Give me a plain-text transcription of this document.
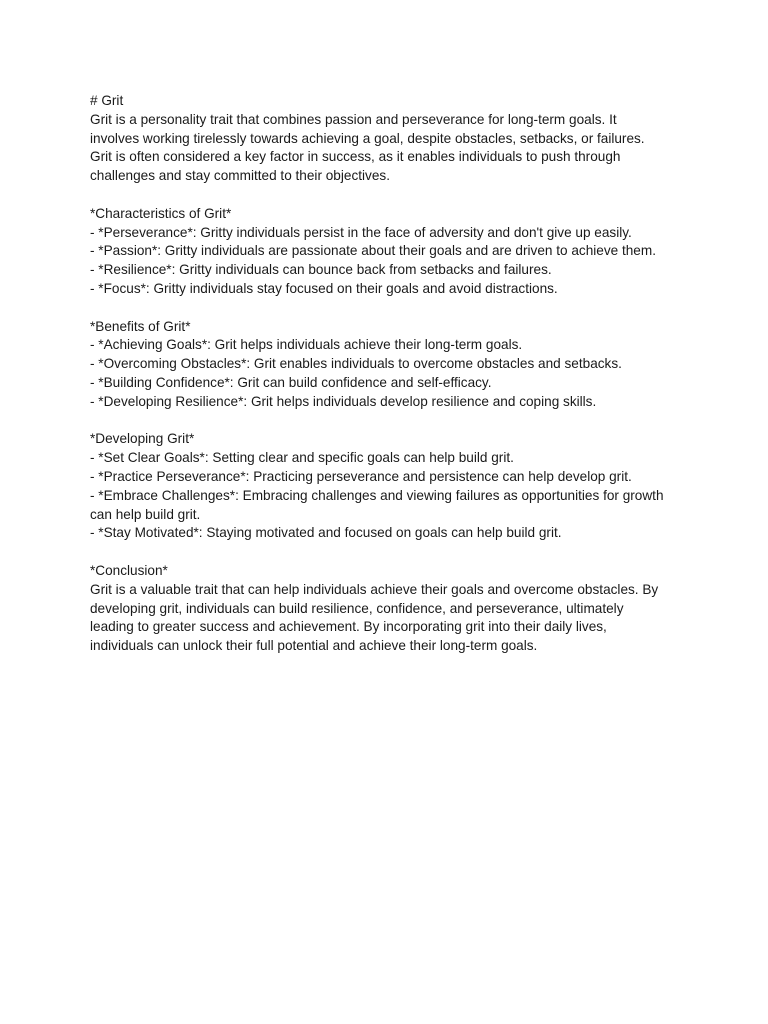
# Grit

Grit is a personality trait that combines passion and perseverance for long-term goals. It

involves working tirelessly towards achieving a goal, despite obstacles, setbacks, or failures.

Grit is often considered a key factor in success, as it enables individuals to push through

challenges and stay committed to their objectives.

*Characteristics of Grit*

- *Perseverance*: Gritty individuals persist in the face of adversity and don't give up easily.

- *Passion*: Gritty individuals are passionate about their goals and are driven to achieve them.

- *Resilience*: Gritty individuals can bounce back from setbacks and failures.

- *Focus*: Gritty individuals stay focused on their goals and avoid distractions.

*Benefits of Grit*

- *Achieving Goals*: Grit helps individuals achieve their long-term goals.

- *Overcoming Obstacles*: Grit enables individuals to overcome obstacles and setbacks.

- *Building Confidence*: Grit can build confidence and self-efficacy.

- *Developing Resilience*: Grit helps individuals develop resilience and coping skills.

*Developing Grit*

- *Set Clear Goals*: Setting clear and specific goals can help build grit.

- *Practice Perseverance*: Practicing perseverance and persistence can help develop grit.

- *Embrace Challenges*: Embracing challenges and viewing failures as opportunities for growth

can help build grit.

- *Stay Motivated*: Staying motivated and focused on goals can help build grit.

*Conclusion*

Grit is a valuable trait that can help individuals achieve their goals and overcome obstacles. By

developing grit, individuals can build resilience, confidence, and perseverance, ultimately

leading to greater success and achievement. By incorporating grit into their daily lives,

individuals can unlock their full potential and achieve their long-term goals.
